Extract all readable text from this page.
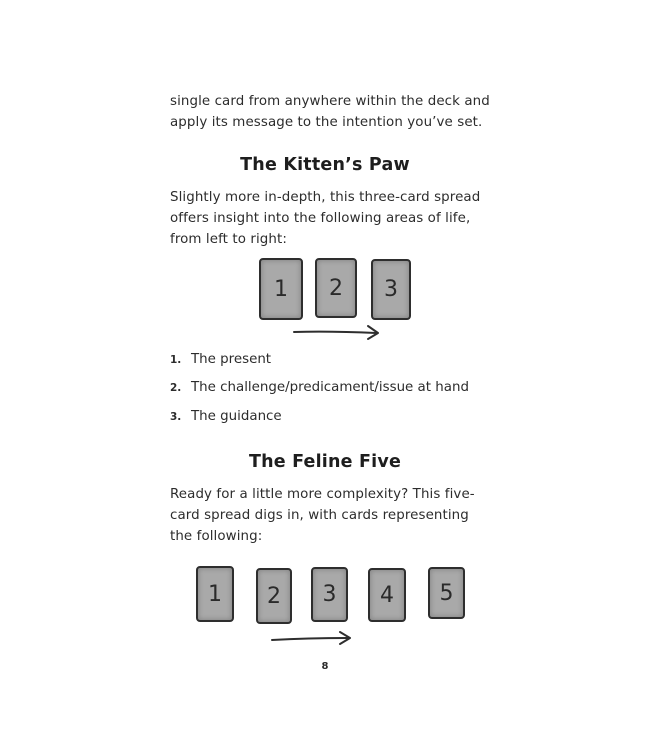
single card from anywhere within the deck and
apply its message to the intention you’ve set.
The Kitten’s Paw
Slightly more in-depth, this three-card spread
offers insight into the following areas of life,
from left to right:
1 2 3
1. The present
2. The challenge/predicament/issue at hand
3. The guidance
The Feline Five
Ready for a little more complexity? This five-
card spread digs in, with cards representing
the following:
1 2 3 4 5
8
